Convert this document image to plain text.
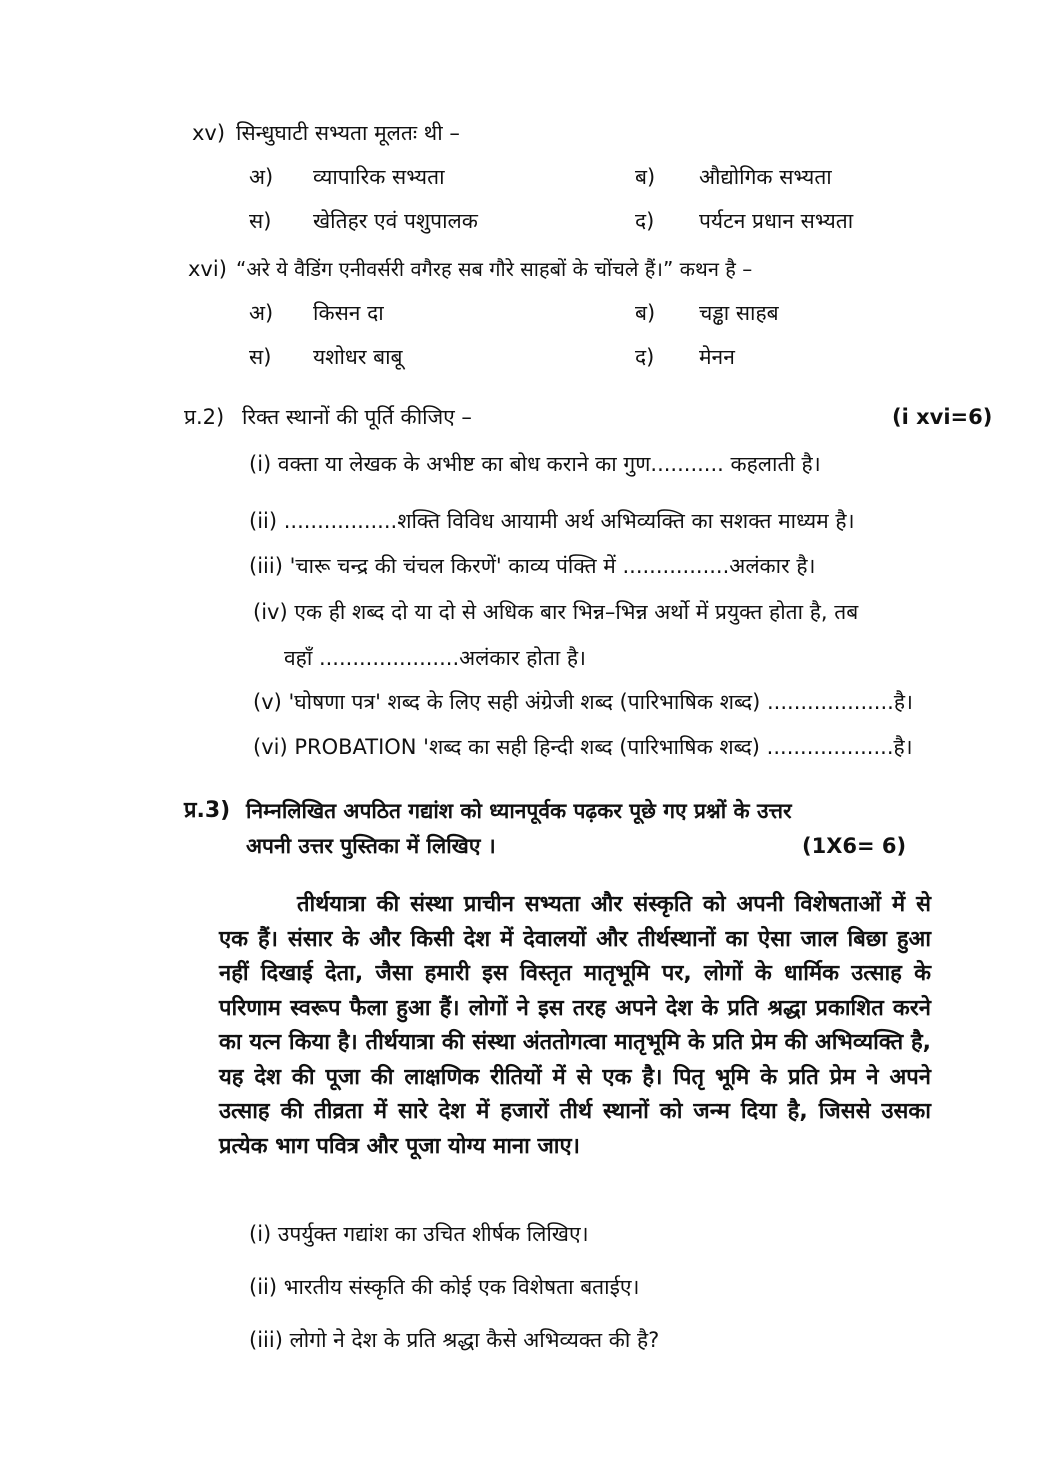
xv) सिन्धुघाटी सभ्यता मूलतः थी –
अ) व्यापारिक सभ्यता	ब) औद्योगिक सभ्यता
स) खेतिहर एवं पशुपालक	द) पर्यटन प्रधान सभ्यता
xvi) “अरे ये वैडिंग एनीवर्सरी वगैरह सब गौरे साहबों के चोंचले हैं।” कथन है –
अ) किसन दा	ब) चड्ढा साहब
स) यशोधर बाबू	द) मेनन
प्र.2) रिक्त स्थानों की पूर्ति कीजिए –	(i xvi=6)
(i) वक्ता या लेखक के अभीष्ट का बोध कराने का गुण........... कहलाती है।
(ii) .................शक्ति विविध आयामी अर्थ अभिव्यक्ति का सशक्त माध्यम है।
(iii) 'चारू चन्द्र की चंचल किरणें' काव्य पंक्ति में ................अलंकार है।
(iv) एक ही शब्द दो या दो से अधिक बार भिन्न–भिन्न अर्थो में प्रयुक्त होता है, तब
वहाँ .....................अलंकार होता है।
(v) 'घोषणा पत्र' शब्द के लिए सही अंग्रेजी शब्द (पारिभाषिक शब्द) ...................है।
(vi) PROBATION 'शब्द का सही हिन्दी शब्द (पारिभाषिक शब्द) ...................है।
प्र.3) निम्नलिखित अपठित गद्यांश को ध्यानपूर्वक पढ़कर पूछे गए प्रश्नों के उत्तर
अपनी उत्तर पुस्तिका में लिखिए ।	(1X6= 6)
तीर्थयात्रा की संस्था प्राचीन सभ्यता और संस्कृति को अपनी विशेषताओं में से एक हैं। संसार के और किसी देश में देवालयों और तीर्थस्थानों का ऐसा जाल बिछा हुआ नहीं दिखाई देता, जैसा हमारी इस विस्तृत मातृभूमि पर, लोगों के धार्मिक उत्साह के परिणाम स्वरूप फैला हुआ हैं। लोगों ने इस तरह अपने देश के प्रति श्रद्धा प्रकाशित करने का यत्न किया है। तीर्थयात्रा की संस्था अंततोगत्वा मातृभूमि के प्रति प्रेम की अभिव्यक्ति है, यह देश की पूजा की लाक्षणिक रीतियों में से एक है। पितृ भूमि के प्रति प्रेम ने अपने उत्साह की तीव्रता में सारे देश में हजारों तीर्थ स्थानों को जन्म दिया है, जिससे उसका प्रत्येक भाग पवित्र और पूजा योग्य माना जाए।
(i) उपर्युक्त गद्यांश का उचित शीर्षक लिखिए।
(ii) भारतीय संस्कृति की कोई एक विशेषता बताईए।
(iii) लोगो ने देश के प्रति श्रद्धा कैसे अभिव्यक्त की है?
